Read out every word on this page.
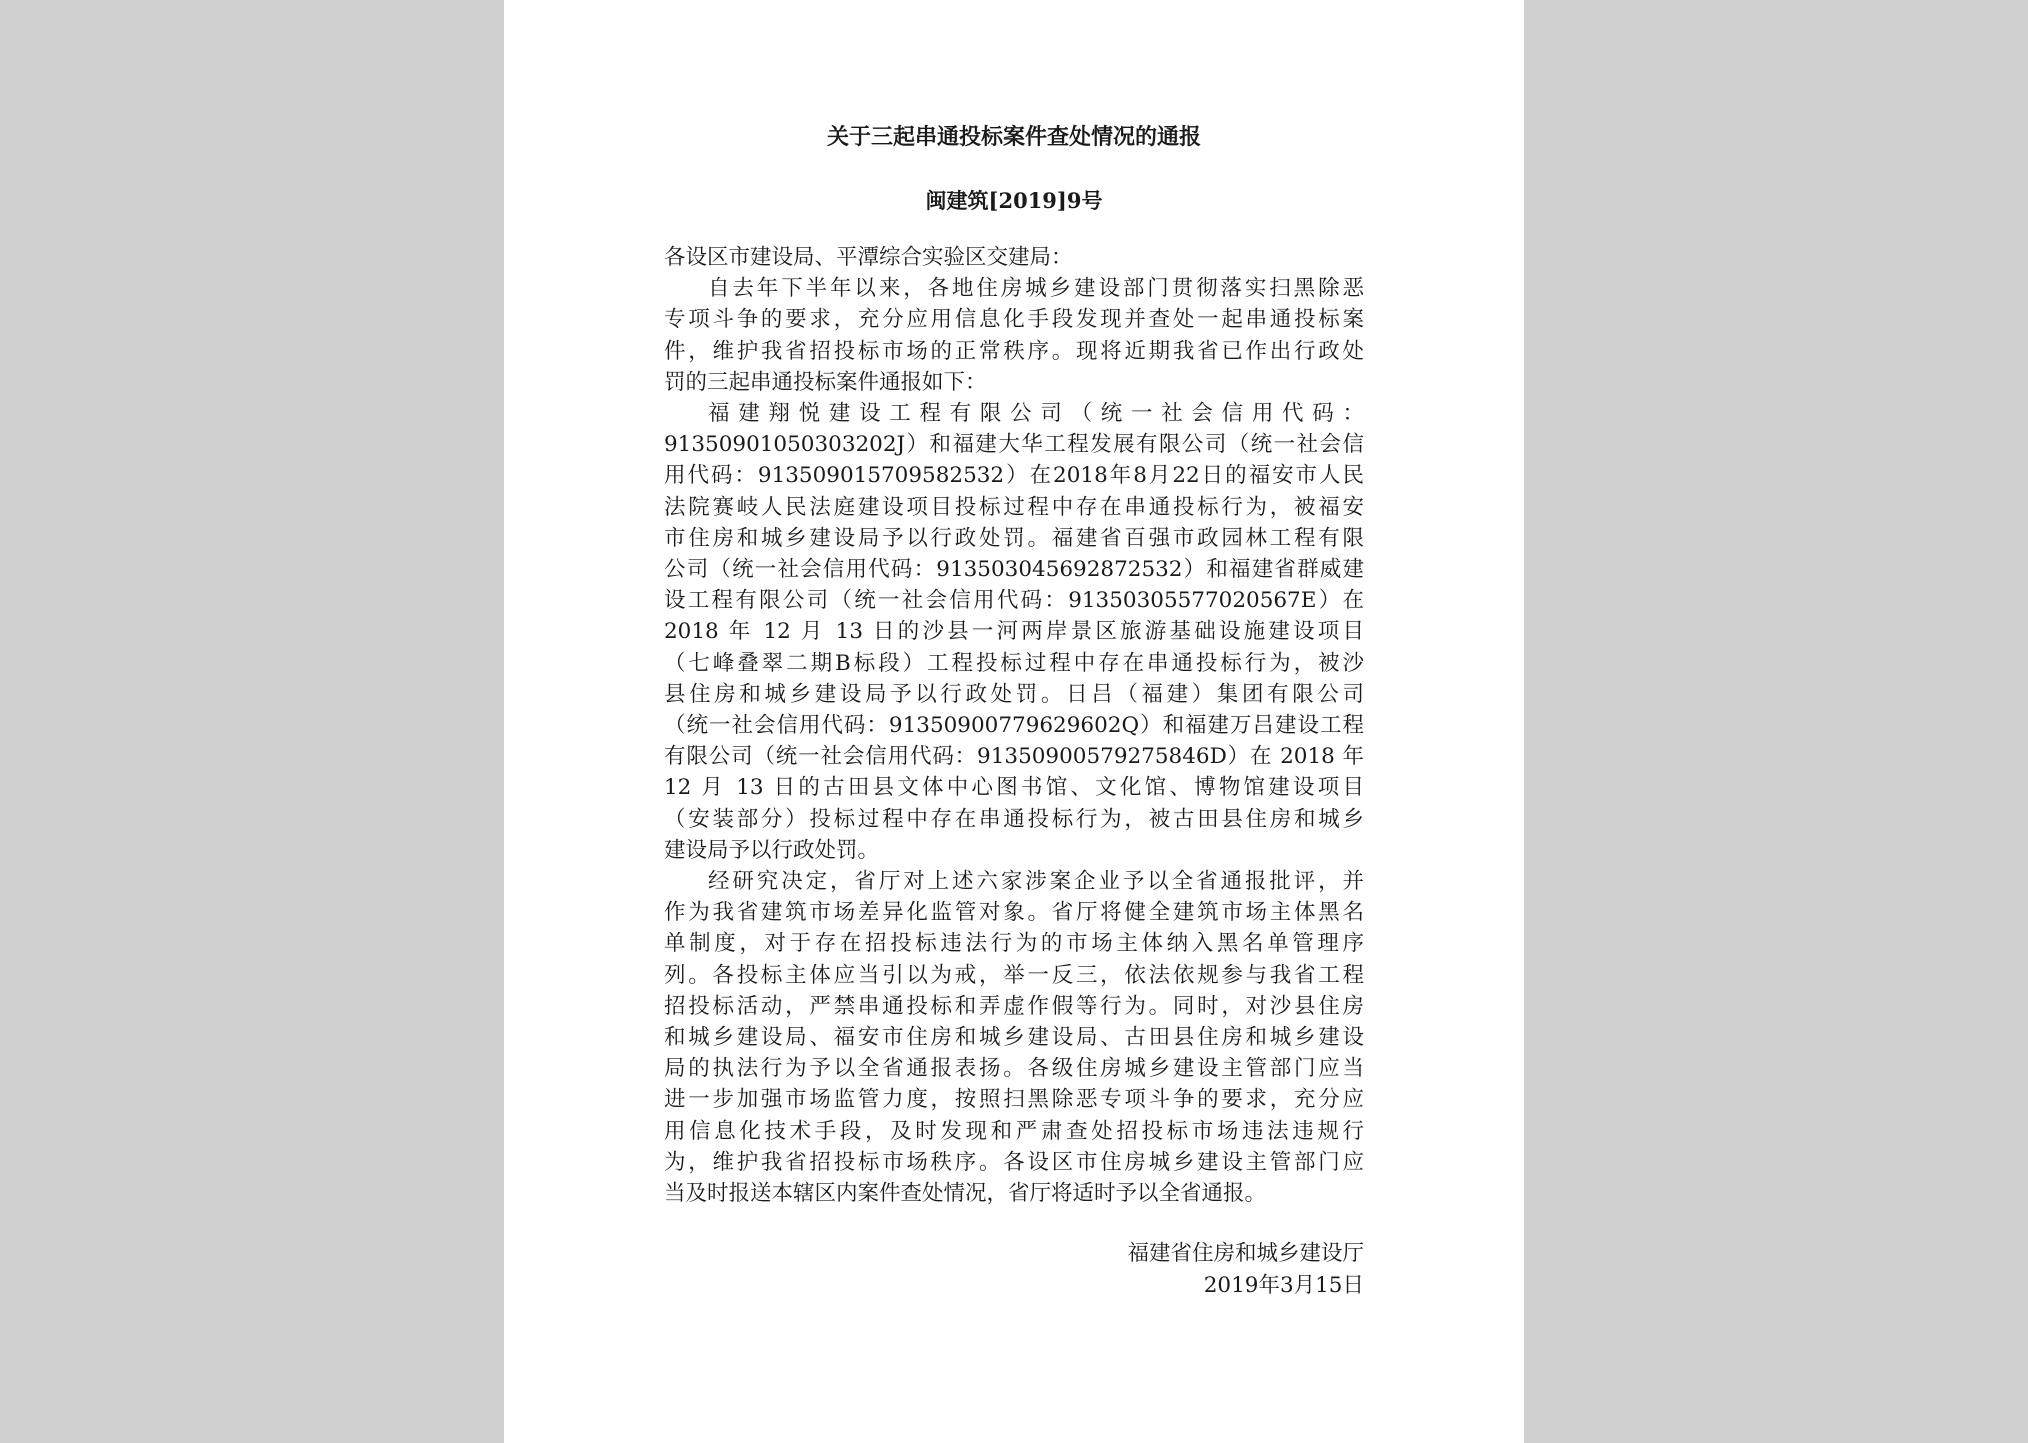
关于三起串通投标案件查处情况的通报
闽建筑[2019]9号
各设区市建设局、平潭综合实验区交建局：
自去年下半年以来，各地住房城乡建设部门贯彻落实扫黑除恶
专项斗争的要求，充分应用信息化手段发现并查处一起串通投标案
件，维护我省招投标市场的正常秩序。现将近期我省已作出行政处
罚的三起串通投标案件通报如下：
福建翔悦建设工程有限公司（统一社会信用代码：
91350901050303202J）和福建大华工程发展有限公司（统一社会信
用代码：913509015709582532）在2018年8月22日的福安市人民
法院赛岐人民法庭建设项目投标过程中存在串通投标行为，被福安
市住房和城乡建设局予以行政处罚。福建省百强市政园林工程有限
公司（统一社会信用代码：913503045692872532）和福建省群威建
设工程有限公司（统一社会信用代码：91350305577020567E）在
2018 年 12 月 13 日的沙县一河两岸景区旅游基础设施建设项目
（七峰叠翠二期B标段）工程投标过程中存在串通投标行为，被沙
县住房和城乡建设局予以行政处罚。日吕（福建）集团有限公司
（统一社会信用代码：91350900779629602Q）和福建万吕建设工程
有限公司（统一社会信用代码：9135090057927584​6D）在 2018 年
12 月 13 日的古田县文体中心图书馆、文化馆、博物馆建设项目
（安装部分）投标过程中存在串通投标行为，被古田县住房和城乡
建设局予以行政处罚。
经研究决定，省厅对上述六家涉案企业予以全省通报批评，并
作为我省建筑市场差异化监管对象。省厅将健全建筑市场主体黑名
单制度，对于存在招投标违法行为的市场主体纳入黑名单管理序
列。各投标主体应当引以为戒，举一反三，依法依规参与我省工程
招投标活动，严禁串通投标和弄虚作假等行为。同时，对沙县住房
和城乡建设局、福安市住房和城乡建设局、古田县住房和城乡建设
局的执法行为予以全省通报表扬。各级住房城乡建设主管部门应当
进一步加强市场监管力度，按照扫黑除恶专项斗争的要求，充分应
用信息化技术手段，及时发现和严肃查处招投标市场违法违规行
为，维护我省招投标市场秩序。各设区市住房城乡建设主管部门应
当及时报送本辖区内案件查处情况，省厅将适时予以全省通报。
福建省住房和城乡建设厅
2019年3月15日
